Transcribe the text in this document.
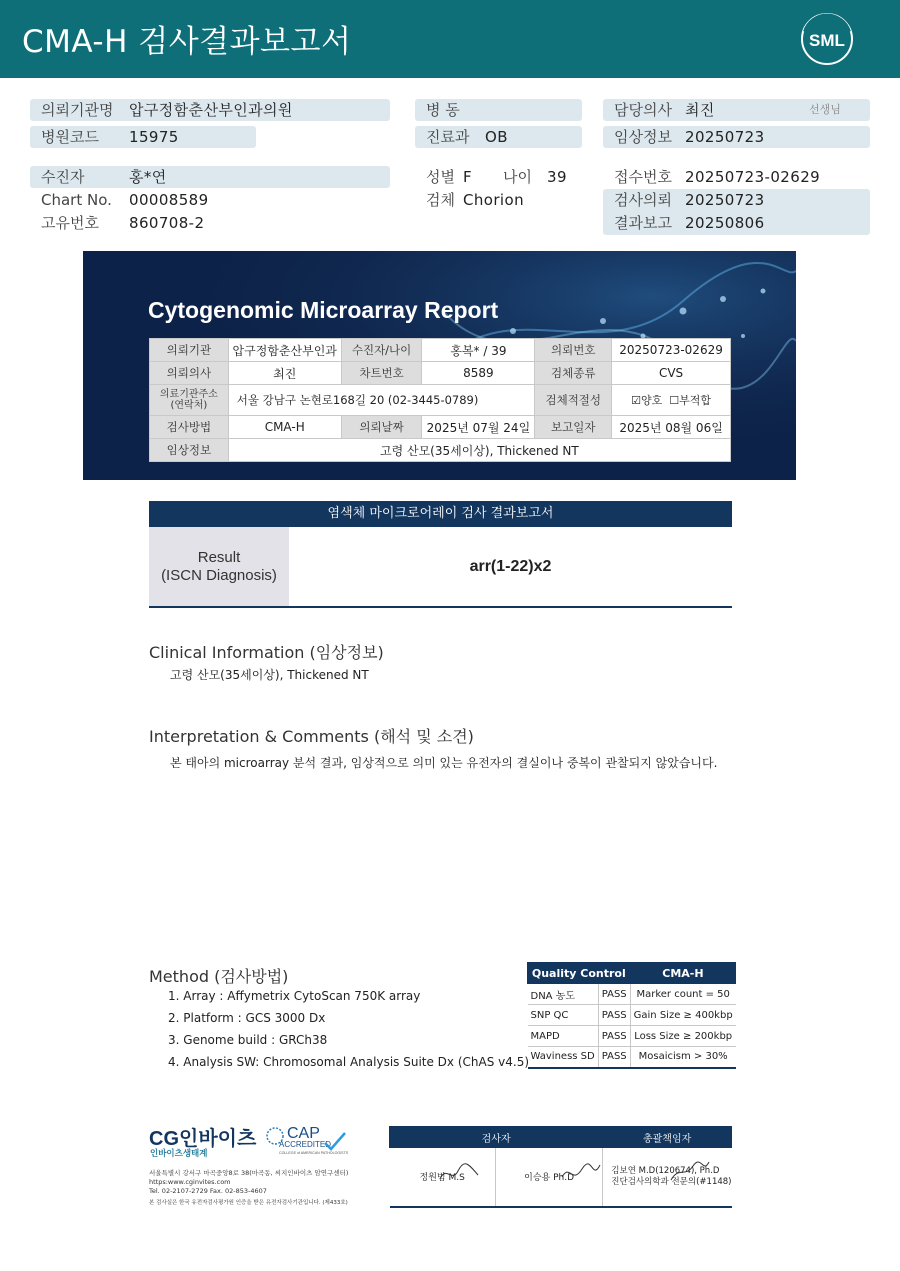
CMA-H 검사결과보고서	SML
의뢰기관명 압구정함춘산부인과의원
병원코드 15975
병 동
진료과 OB
담당의사 최진	선생님
임상정보 20250723
수진자	홍*연
Chart No. 00008589
고유번호 860708-2
성별 F 나이 39
검체 Chorion
접수번호 20250723-02629
검사의뢰 20250723
결과보고 20250806
Cytogenomic Microarray Report
의뢰기관	압구정함춘산부인과	수진자/나이	홍복* / 39	의뢰번호	20250723-02629
의뢰의사	최진	차트번호	8589	검체종류	CVS

의료기관주소
(연락처)	서울 강남구 논현로168길 20 (02-3445-0789)			검체적절성	☑양호 ☐부적합
검사방법	CMA-H	의뢰날짜	2025년 07월 24일	보고일자	2025년 08월 06일
임상정보	고령 산모(35세이상), Thickened NT				
염색체 마이크로어레이 검사 결과보고서
Result
(ISCN Diagnosis)
arr(1-22)x2
Clinical Information (임상정보)
고령 산모(35세이상), Thickened NT
Interpretation & Comments (해석 및 소견)
본 태아의 microarray 분석 결과, 임상적으로 의미 있는 유전자의 결실이나 중복이 관찰되지 않았습니다.
Method (검사방법)
1. Array : Affymetrix CytoScan 750K array
2. Platform : GCS 3000 Dx
3. Genome build : GRCh38
4. Analysis SW: Chromosomal Analysis Suite Dx (ChAS v4.5)
Quality Control		CMA-H
DNA 농도	PASS	Marker count = 50
SNP QC	PASS	Gain Size ≥ 400kbp
MAPD	PASS	Loss Size ≥ 200kbp
Waviness SD	PASS	Mosaicism > 30%
CG인바이츠
인바이츠생태계
CAP
ACCREDITED
COLLEGE of AMERICAN PATHOLOGISTS
서울특별시 강서구 마곡중앙8로 38(마곡동, 씨지인바이츠 암연구센터)
https:www.cginvites.com
Tel. 02-2107-2729 Fax. 02-853-4607
본 검사실은 한국 유전자검사평가원 인증을 받은 유전자검사기관입니다. (제433호)
검사자		총괄책임자
정원범 M.S	이승용 Ph.D	김보연 M.D(120674), Ph.D
진단검사의학과 전문의(#1148)
